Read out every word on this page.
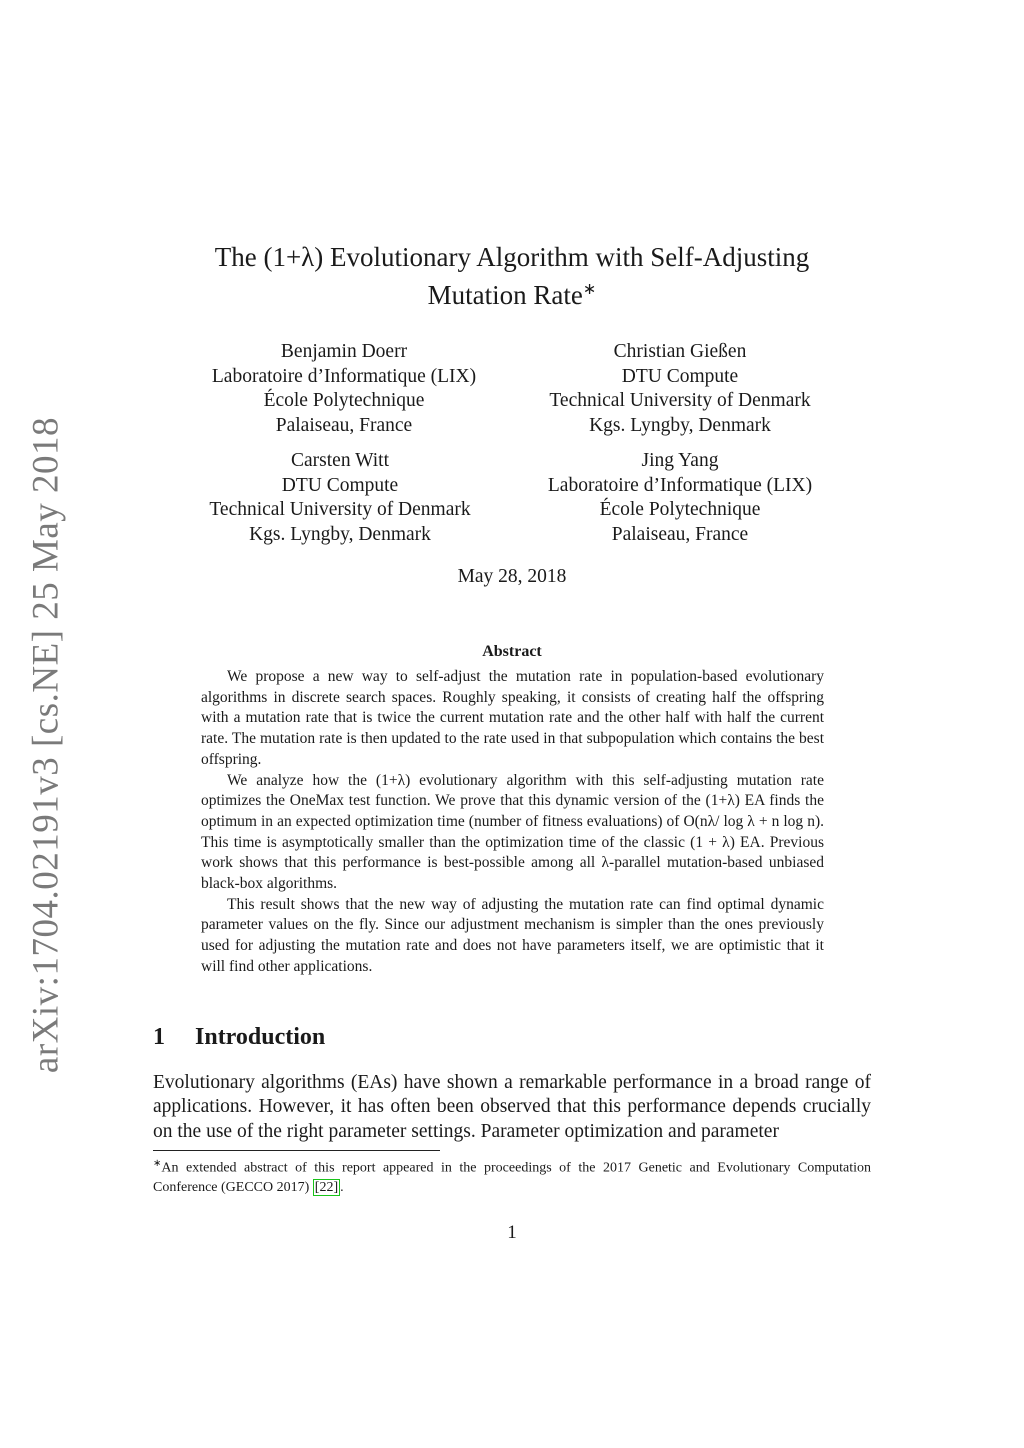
arXiv:1704.02191v3 [cs.NE] 25 May 2018
The (1+λ) Evolutionary Algorithm with Self-Adjusting
Mutation Rate∗
Benjamin Doerr
Laboratoire d’Informatique (LIX)
École Polytechnique
Palaiseau, France
Christian Gießen
DTU Compute
Technical University of Denmark
Kgs. Lyngby, Denmark
Carsten Witt
DTU Compute
Technical University of Denmark
Kgs. Lyngby, Denmark
Jing Yang
Laboratoire d’Informatique (LIX)
École Polytechnique
Palaiseau, France
May 28, 2018
Abstract

We propose a new way to self-adjust the mutation rate in population-based evolutionary algorithms in discrete search spaces. Roughly speaking, it consists of creating half the offspring with a mutation rate that is twice the current mutation rate and the other half with half the current rate. The mutation rate is then updated to the rate used in that subpopulation which contains the best offspring.

We analyze how the (1+λ) evolutionary algorithm with this self-adjusting mutation rate optimizes the OneMax test function. We prove that this dynamic version of the (1+λ) EA finds the optimum in an expected optimization time (number of fitness evaluations) of O(nλ/ log λ + n log n). This time is asymptotically smaller than the optimization time of the classic (1 + λ) EA. Previous work shows that this performance is best-possible among all λ-parallel mutation-based unbiased black-box algorithms.

This result shows that the new way of adjusting the mutation rate can find optimal dynamic parameter values on the fly. Since our adjustment mechanism is simpler than the ones previously used for adjusting the mutation rate and does not have parameters itself, we are optimistic that it will find other applications.

1 Introduction

Evolutionary algorithms (EAs) have shown a remarkable performance in a broad range of applications. However, it has often been observed that this performance depends crucially on the use of the right parameter settings. Parameter optimization and parameter

∗An extended abstract of this report appeared in the proceedings of the 2017 Genetic and Evolutionary Computation Conference (GECCO 2017) [22] .
1
